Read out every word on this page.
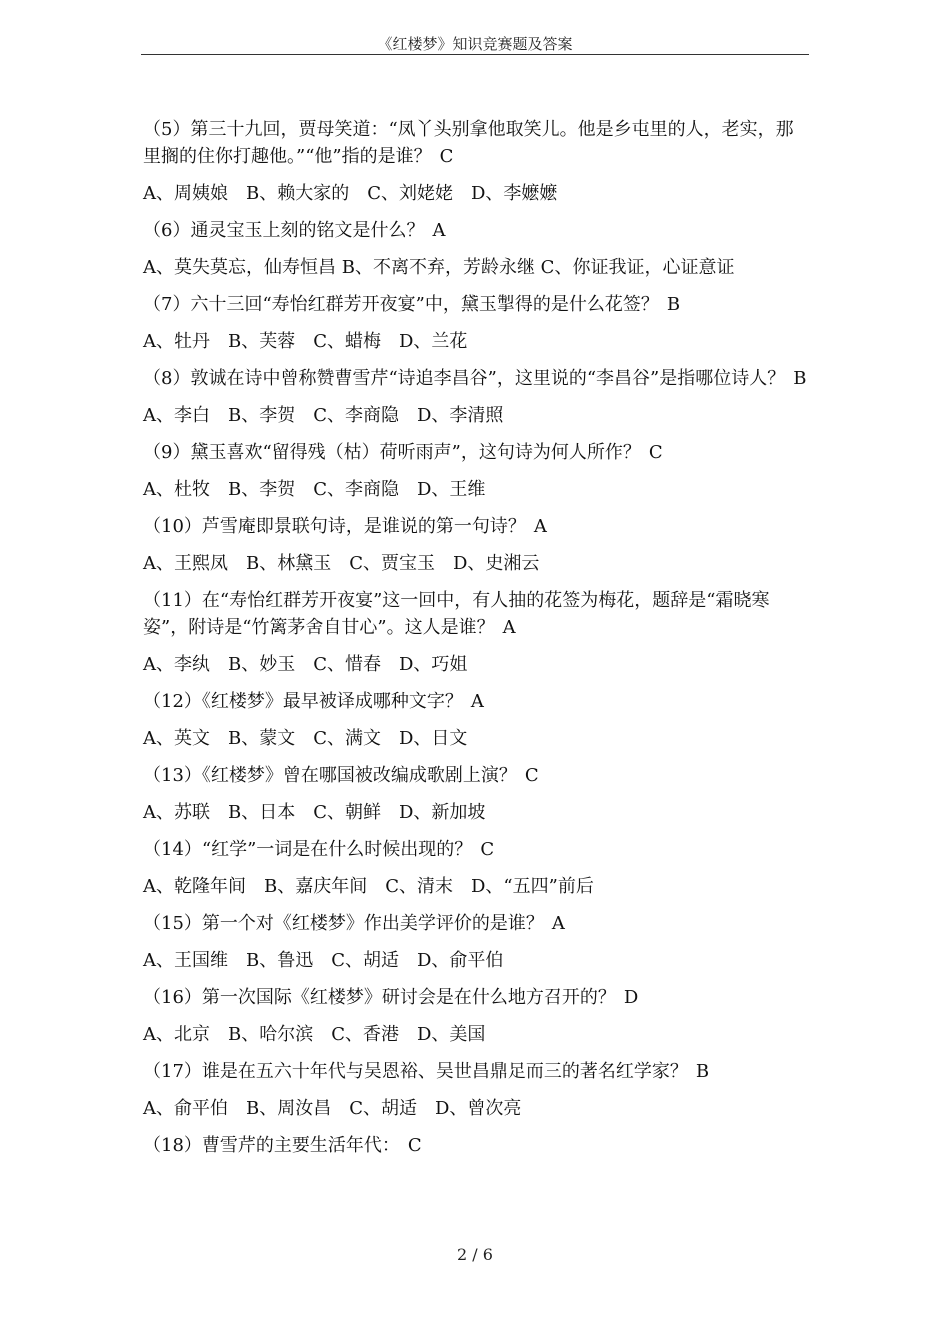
《红楼梦》知识竞赛题及答案

（5）第三十九回，贾母笑道：“凤丫头别拿他取笑儿。他是乡屯里的人，老实，那里搁的住你打趣他。”“他”指的是谁？ C

A、周姨娘　B、赖大家的　C、刘姥姥　D、李嬷嬷

（6）通灵宝玉上刻的铭文是什么？ A

A、莫失莫忘，仙寿恒昌 B、不离不弃，芳龄永继 C、你证我证，心证意证

（7）六十三回“寿怡红群芳开夜宴”中，黛玉掣得的是什么花签？ B

A、牡丹　B、芙蓉　C、蜡梅　D、兰花

（8）敦诚在诗中曾称赞曹雪芹“诗追李昌谷”，这里说的“李昌谷”是指哪位诗人？ B

A、李白　B、李贺　C、李商隐　D、李清照

（9）黛玉喜欢“留得残（枯）荷听雨声”，这句诗为何人所作？ C

A、杜牧　B、李贺　C、李商隐　D、王维

（10）芦雪庵即景联句诗，是谁说的第一句诗？ A

A、王熙凤　B、林黛玉　C、贾宝玉　D、史湘云

（11）在“寿怡红群芳开夜宴”这一回中，有人抽的花签为梅花，题辞是“霜晓寒姿”，附诗是“竹篱茅舍自甘心”。这人是谁？ A

A、李纨　B、妙玉　C、惜春　D、巧姐

（12）《红楼梦》最早被译成哪种文字？ A

A、英文　B、蒙文　C、满文　D、日文

（13）《红楼梦》曾在哪国被改编成歌剧上演？ C

A、苏联　B、日本　C、朝鲜　D、新加坡

（14）“红学”一词是在什么时候出现的？ C

A、乾隆年间　B、嘉庆年间　C、清末　D、“五四”前后

（15）第一个对《红楼梦》作出美学评价的是谁？ A

A、王国维　B、鲁迅　C、胡适　D、俞平伯

（16）第一次国际《红楼梦》研讨会是在什么地方召开的？ D

A、北京　B、哈尔滨　C、香港　D、美国

（17）谁是在五六十年代与吴恩裕、吴世昌鼎足而三的著名红学家？ B

A、俞平伯　B、周汝昌　C、胡适　D、曾次亮

（18）曹雪芹的主要生活年代： C

2 / 6
